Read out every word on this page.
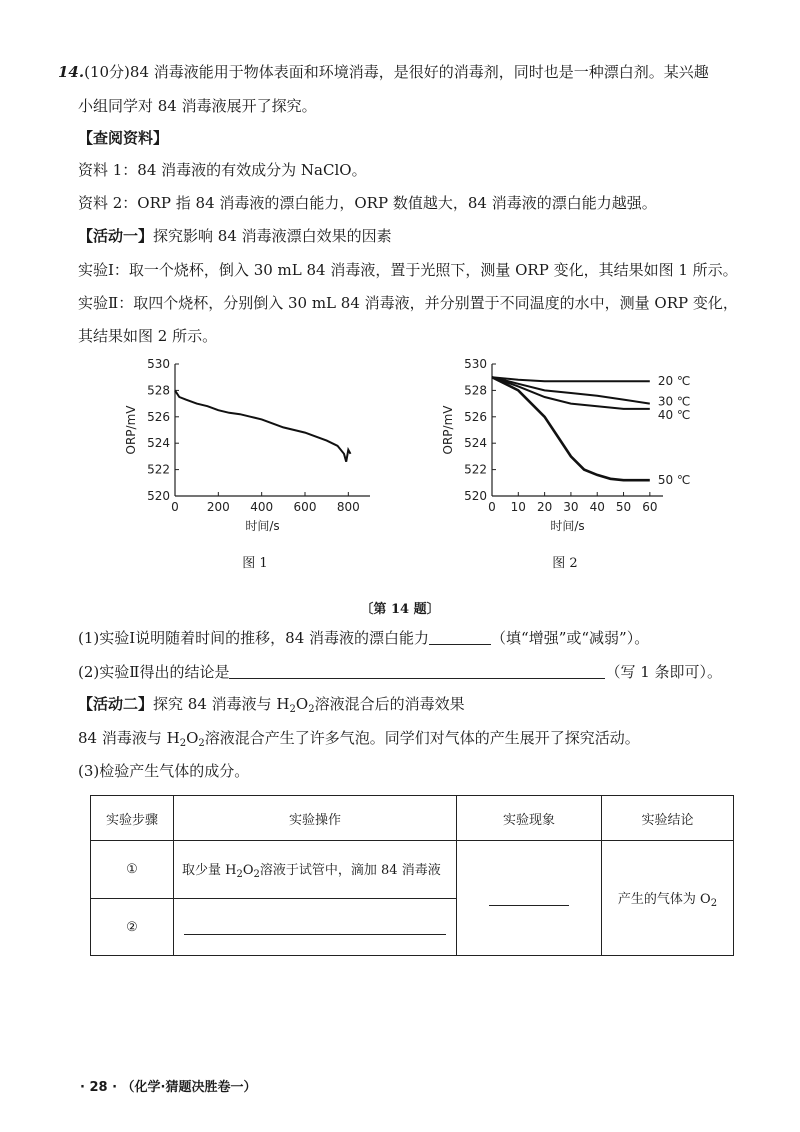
14.(10分)84 消毒液能用于物体表面和环境消毒，是很好的消毒剂，同时也是一种漂白剂。某兴趣
小组同学对 84 消毒液展开了探究。
【查阅资料】
资料 1：84 消毒液的有效成分为 NaClO。
资料 2：ORP 指 84 消毒液的漂白能力，ORP 数值越大，84 消毒液的漂白能力越强。
【活动一】探究影响 84 消毒液漂白效果的因素
实验Ⅰ：取一个烧杯，倒入 30 mL 84 消毒液，置于光照下，测量 ORP 变化，其结果如图 1 所示。
实验Ⅱ：取四个烧杯，分别倒入 30 mL 84 消毒液，并分别置于不同温度的水中，测量 ORP 变化，
其结果如图 2 所示。
520
522
524
526
528
530
0 200 400 600 800
时间/s
ORP/mV
图 1
520
522
524
526
528
530
0 10 20 30 40 50 60
时间/s
ORP/mV
20 ℃
30 ℃
40 ℃
50 ℃
图 2
〔第 14 题〕
(1)实验Ⅰ说明随着时间的推移，84 消毒液的漂白能力	（填“增强”或“减弱”）。
(2)实验Ⅱ得出的结论是	（写 1 条即可）。
【活动二】探究 84 消毒液与 $H_2O_2$溶液混合后的消毒效果
84 消毒液与 $H_2O_2$溶液混合产生了许多气泡。同学们对气体的产生展开了探究活动。
(3)检验产生气体的成分。
实验步骤	实验操作	实验现象	实验结论
①	取少量 $H_2O_2$溶液于试管中，滴加 84 消毒液		产生的气体为 $O_2$
②			
· 28 · （化学·猜题决胜卷一）
